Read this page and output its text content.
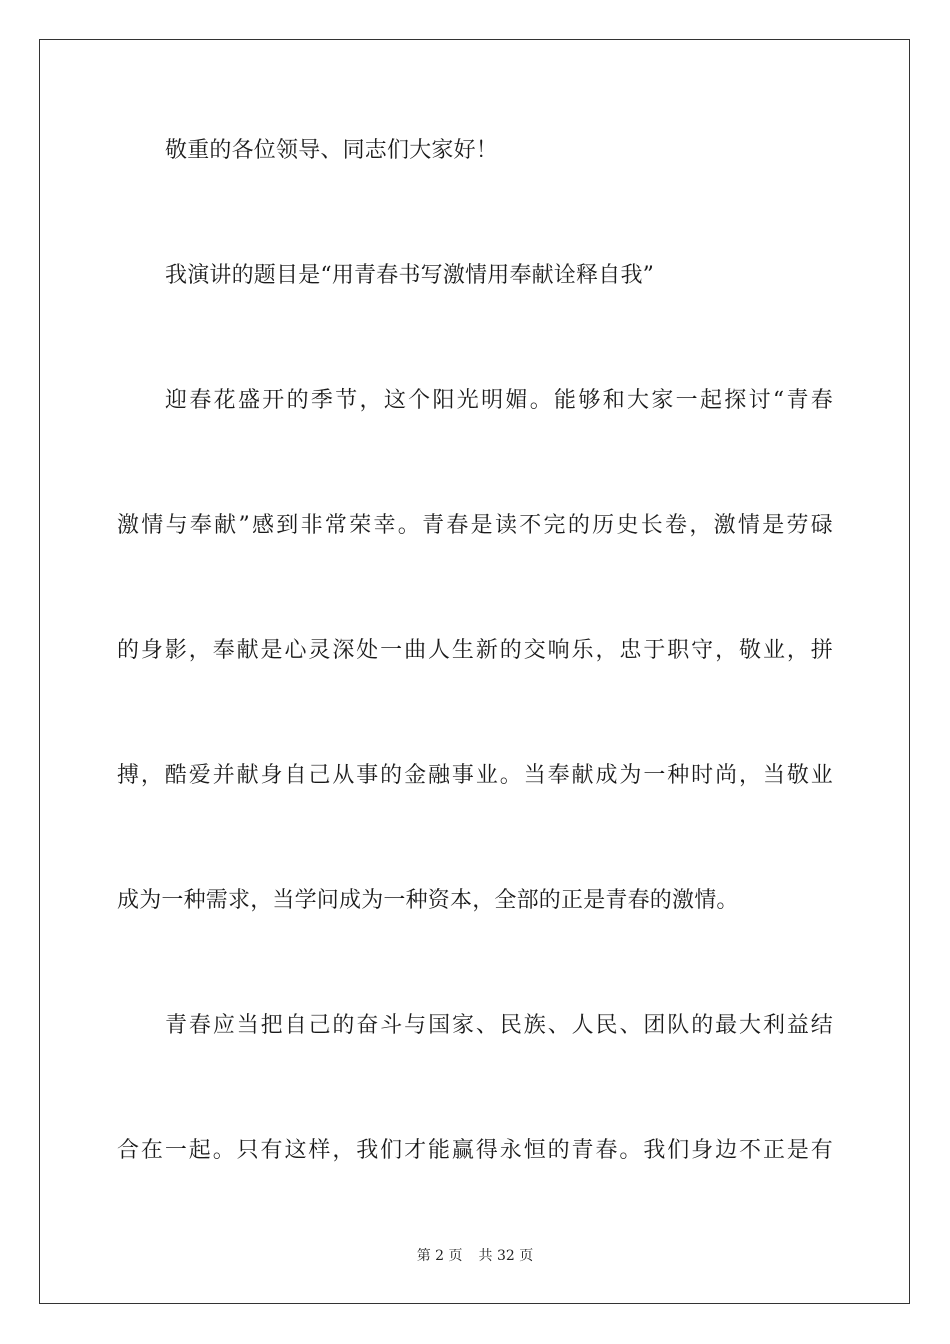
敬重的各位领导、同志们大家好！
我演讲的题目是“用青春书写激情用奉献诠释自我”
迎春花盛开的季节，这个阳光明媚。能够和大家一起探讨“青春
激情与奉献”感到非常荣幸。青春是读不完的历史长卷，激情是劳碌
的身影，奉献是心灵深处一曲人生新的交响乐，忠于职守，敬业，拼
搏，酷爱并献身自己从事的金融事业。当奉献成为一种时尚，当敬业
成为一种需求，当学问成为一种资本，全部的正是青春的激情。
青春应当把自己的奋斗与国家、民族、人民、团队的最大利益结
合在一起。只有这样，我们才能赢得永恒的青春。我们身边不正是有
第 2 页 共 32 页
